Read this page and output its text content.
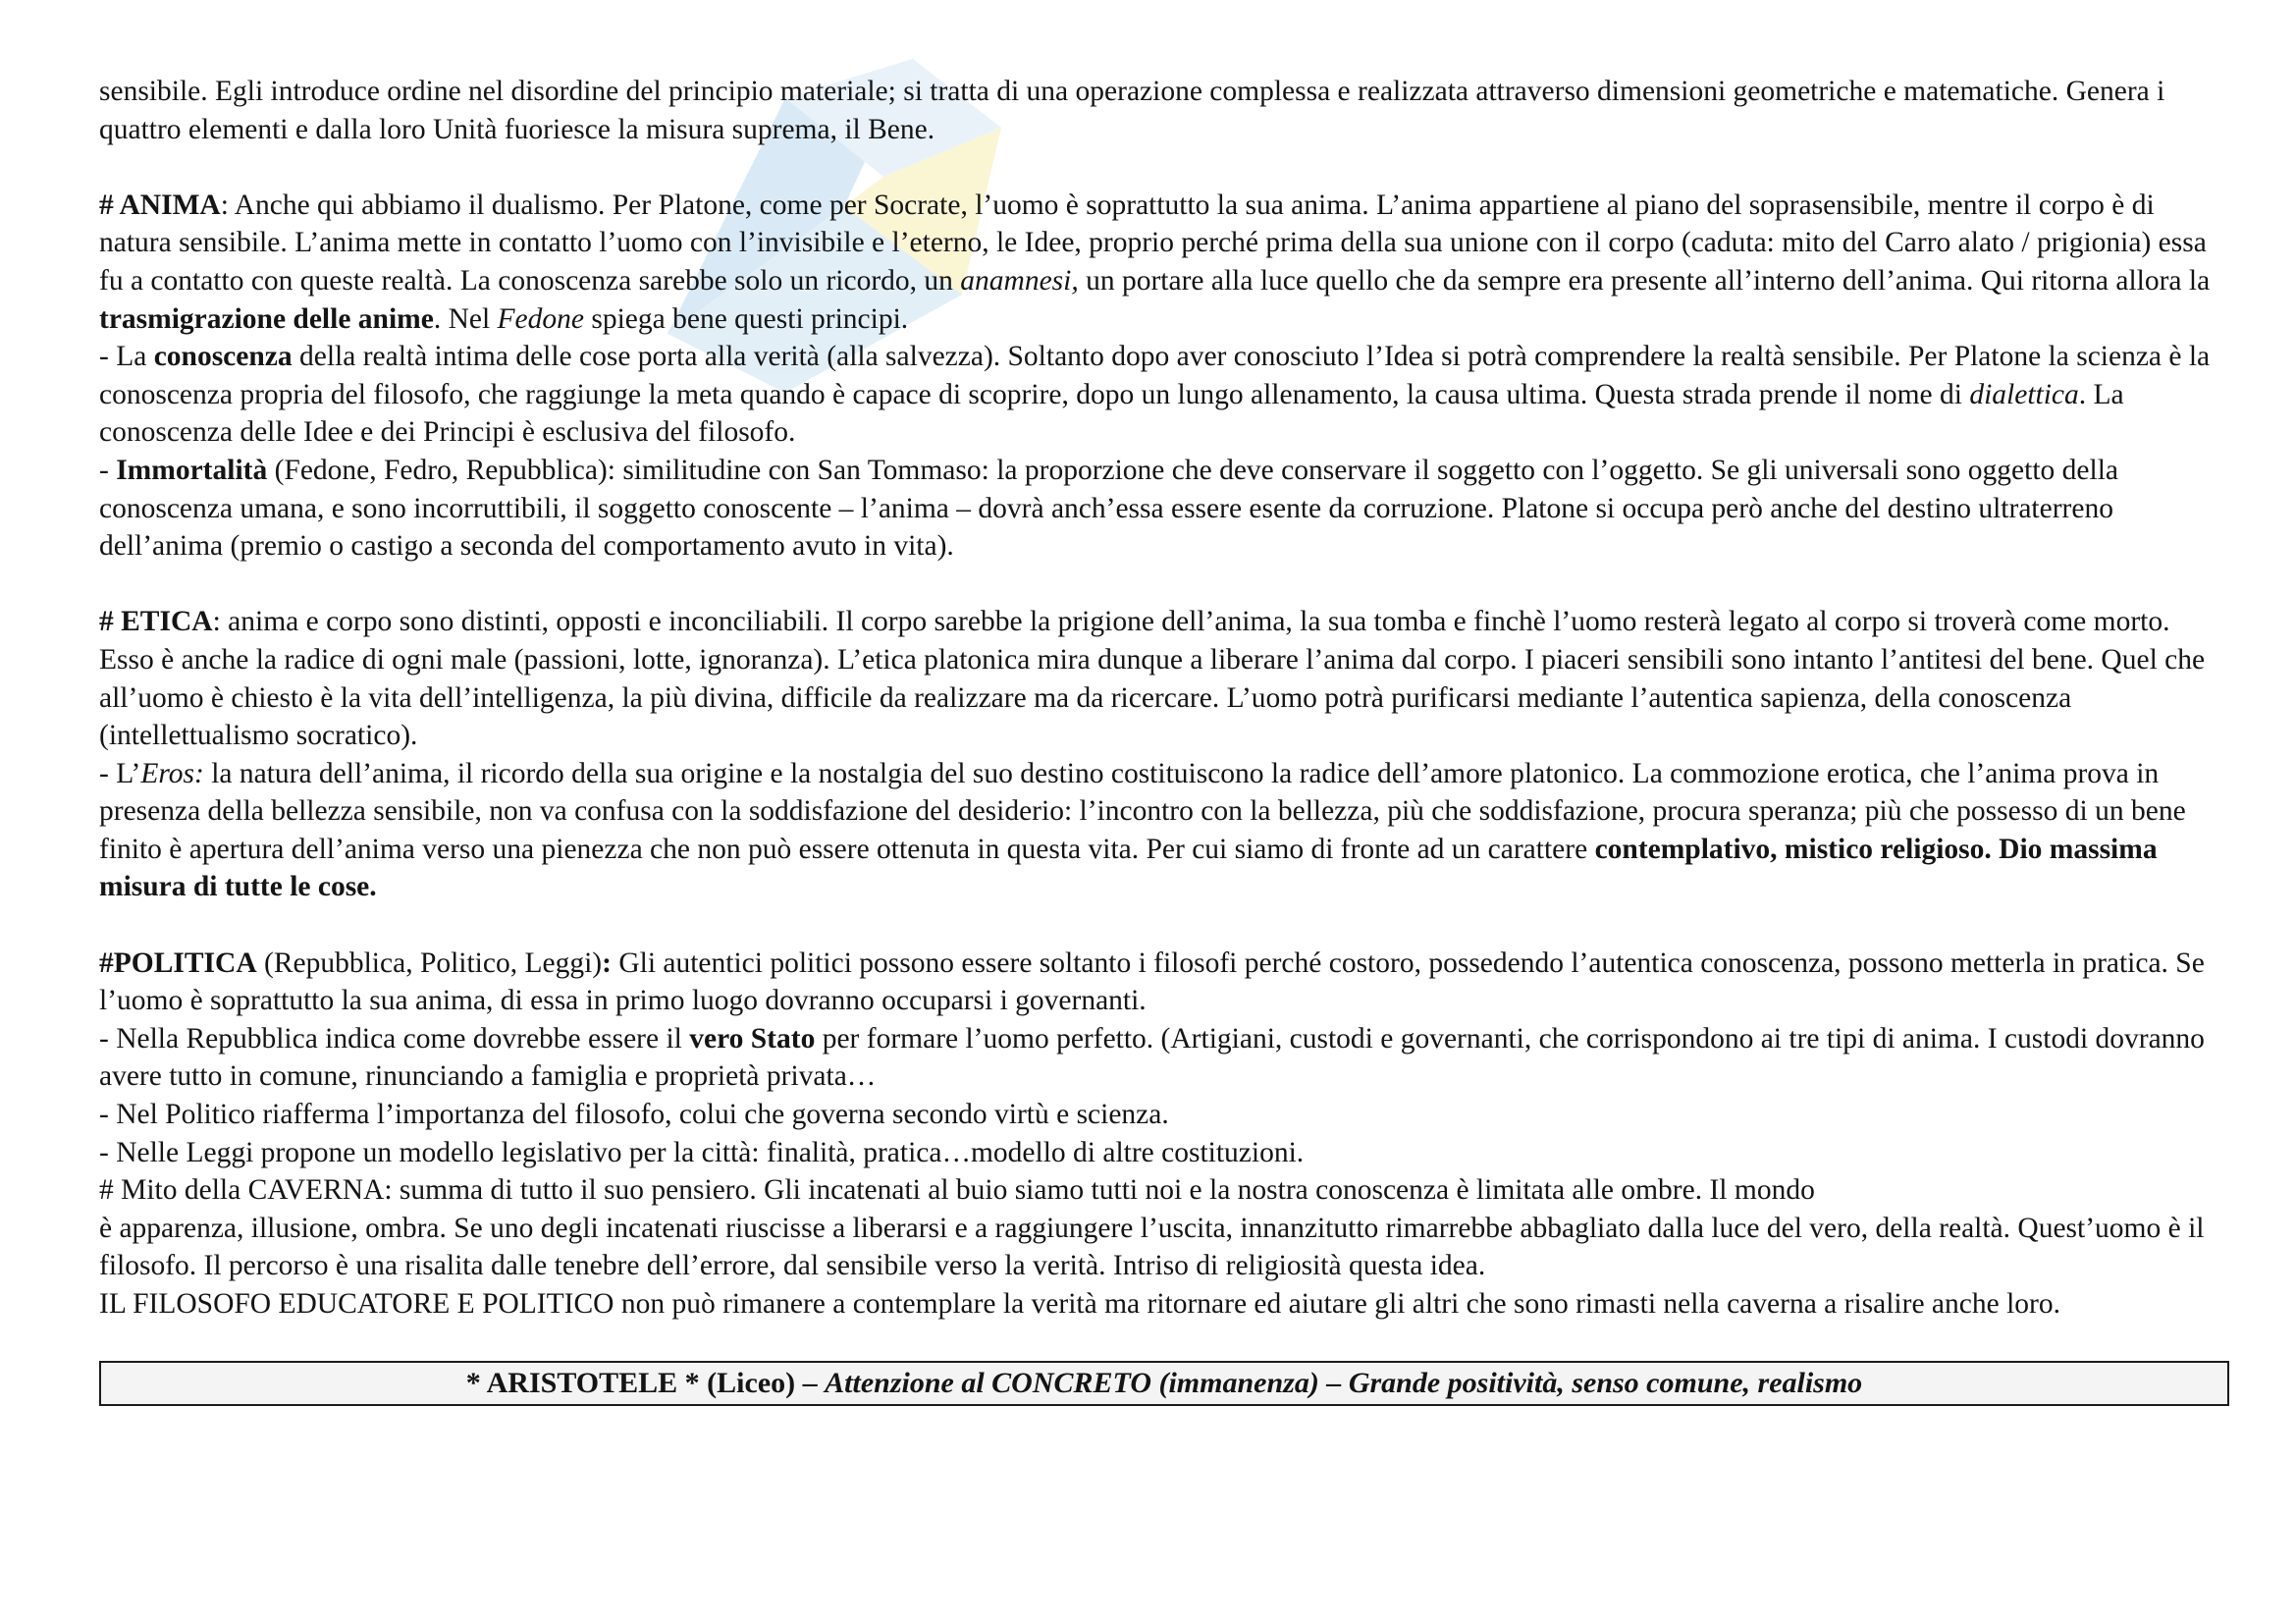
sensibile. Egli introduce ordine nel disordine del principio materiale; si tratta di una operazione complessa e realizzata attraverso dimensioni geometriche e matematiche. Genera i quattro elementi e dalla loro Unità fuoriesce la misura suprema, il Bene.

# ANIMA: Anche qui abbiamo il dualismo. Per Platone, come per Socrate, l’uomo è soprattutto la sua anima. L’anima appartiene al piano del soprasensibile, mentre il corpo è di natura sensibile. L’anima mette in contatto l’uomo con l’invisibile e l’eterno, le Idee, proprio perché prima della sua unione con il corpo (caduta: mito del Carro alato / prigionia) essa fu a contatto con queste realtà. La conoscenza sarebbe solo un ricordo, un anamnesi, un portare alla luce quello che da sempre era presente all’interno dell’anima. Qui ritorna allora la trasmigrazione delle anime. Nel Fedone spiega bene questi principi.

- La conoscenza della realtà intima delle cose porta alla verità (alla salvezza). Soltanto dopo aver conosciuto l’Idea si potrà comprendere la realtà sensibile. Per Platone la scienza è la conoscenza propria del filosofo, che raggiunge la meta quando è capace di scoprire, dopo un lungo allenamento, la causa ultima. Questa strada prende il nome di dialettica. La conoscenza delle Idee e dei Principi è esclusiva del filosofo.

- Immortalità (Fedone, Fedro, Repubblica): similitudine con San Tommaso: la proporzione che deve conservare il soggetto con l’oggetto. Se gli universali sono oggetto della conoscenza umana, e sono incorruttibili, il soggetto conoscente – l’anima – dovrà anch’essa essere esente da corruzione. Platone si occupa però anche del destino ultraterreno dell’anima (premio o castigo a seconda del comportamento avuto in vita).

# ETICA: anima e corpo sono distinti, opposti e inconciliabili. Il corpo sarebbe la prigione dell’anima, la sua tomba e finchè l’uomo resterà legato al corpo si troverà come morto. Esso è anche la radice di ogni male (passioni, lotte, ignoranza). L’etica platonica mira dunque a liberare l’anima dal corpo. I piaceri sensibili sono intanto l’antitesi del bene. Quel che all’uomo è chiesto è la vita dell’intelligenza, la più divina, difficile da realizzare ma da ricercare. L’uomo potrà purificarsi mediante l’autentica sapienza, della conoscenza (intellettualismo socratico).

- L’Eros: la natura dell’anima, il ricordo della sua origine e la nostalgia del suo destino costituiscono la radice dell’amore platonico. La commozione erotica, che l’anima prova in presenza della bellezza sensibile, non va confusa con la soddisfazione del desiderio: l’incontro con la bellezza, più che soddisfazione, procura speranza; più che possesso di un bene finito è apertura dell’anima verso una pienezza che non può essere ottenuta in questa vita. Per cui siamo di fronte ad un carattere contemplativo, mistico religioso. Dio massima misura di tutte le cose.

#POLITICA (Repubblica, Politico, Leggi): Gli autentici politici possono essere soltanto i filosofi perché costoro, possedendo l’autentica conoscenza, possono metterla in pratica. Se l’uomo è soprattutto la sua anima, di essa in primo luogo dovranno occuparsi i governanti.

- Nella Repubblica indica come dovrebbe essere il vero Stato per formare l’uomo perfetto. (Artigiani, custodi e governanti, che corrispondono ai tre tipi di anima. I custodi dovranno avere tutto in comune, rinunciando a famiglia e proprietà privata…

- Nel Politico riafferma l’importanza del filosofo, colui che governa secondo virtù e scienza.

- Nelle Leggi propone un modello legislativo per la città: finalità, pratica…modello di altre costituzioni.

# Mito della CAVERNA: summa di tutto il suo pensiero. Gli incatenati al buio siamo tutti noi e la nostra conoscenza è limitata alle ombre. Il mondo

è apparenza, illusione, ombra. Se uno degli incatenati riuscisse a liberarsi e a raggiungere l’uscita, innanzitutto rimarrebbe abbagliato dalla luce del vero, della realtà. Quest’uomo è il filosofo. Il percorso è una risalita dalle tenebre dell’errore, dal sensibile verso la verità. Intriso di religiosità questa idea.

IL FILOSOFO EDUCATORE E POLITICO non può rimanere a contemplare la verità ma ritornare ed aiutare gli altri che sono rimasti nella caverna a risalire anche loro.

* ARISTOTELE * (Liceo) – Attenzione al CONCRETO (immanenza) – Grande positività, senso comune, realismo
